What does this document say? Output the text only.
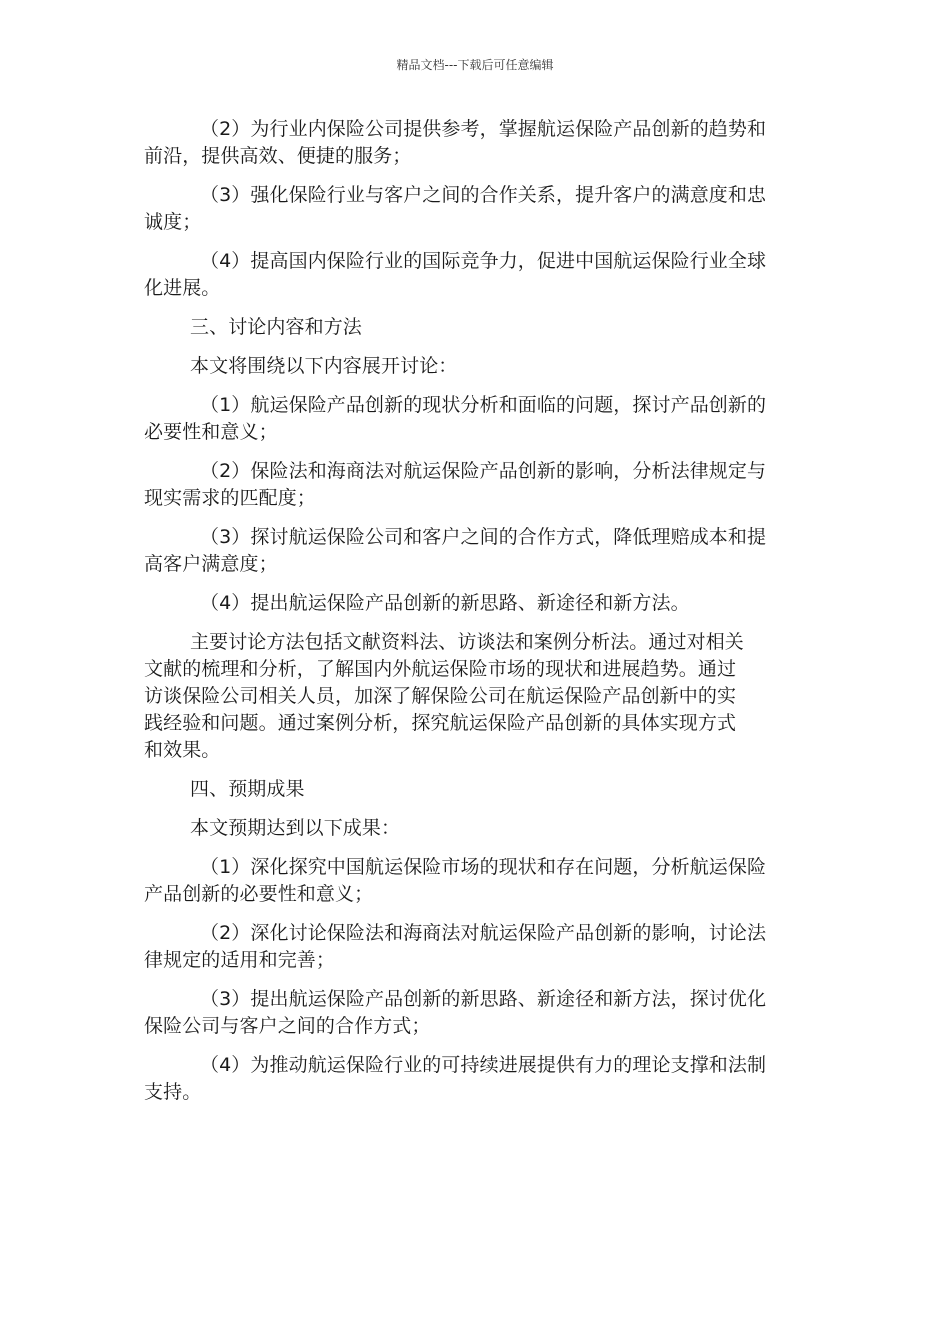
精品文档---下载后可任意编辑

（2）为行业内保险公司提供参考，掌握航运保险产品创新的趋势和
前沿，提供高效、便捷的服务；

（3）强化保险行业与客户之间的合作关系，提升客户的满意度和忠
诚度；

（4）提高国内保险行业的国际竞争力，促进中国航运保险行业全球
化进展。

三、讨论内容和方法

本文将围绕以下内容展开讨论：

（1）航运保险产品创新的现状分析和面临的问题，探讨产品创新的
必要性和意义；

（2）保险法和海商法对航运保险产品创新的影响，分析法律规定与
现实需求的匹配度；

（3）探讨航运保险公司和客户之间的合作方式，降低理赔成本和提
高客户满意度；

（4）提出航运保险产品创新的新思路、新途径和新方法。

主要讨论方法包括文献资料法、访谈法和案例分析法。通过对相关
文献的梳理和分析，了解国内外航运保险市场的现状和进展趋势。通过
访谈保险公司相关人员，加深了解保险公司在航运保险产品创新中的实
践经验和问题。通过案例分析，探究航运保险产品创新的具体实现方式
和效果。

四、预期成果

本文预期达到以下成果：

（1）深化探究中国航运保险市场的现状和存在问题，分析航运保险
产品创新的必要性和意义；

（2）深化讨论保险法和海商法对航运保险产品创新的影响，讨论法
律规定的适用和完善；

（3）提出航运保险产品创新的新思路、新途径和新方法，探讨优化
保险公司与客户之间的合作方式；

（4）为推动航运保险行业的可持续进展提供有力的理论支撑和法制
支持。
